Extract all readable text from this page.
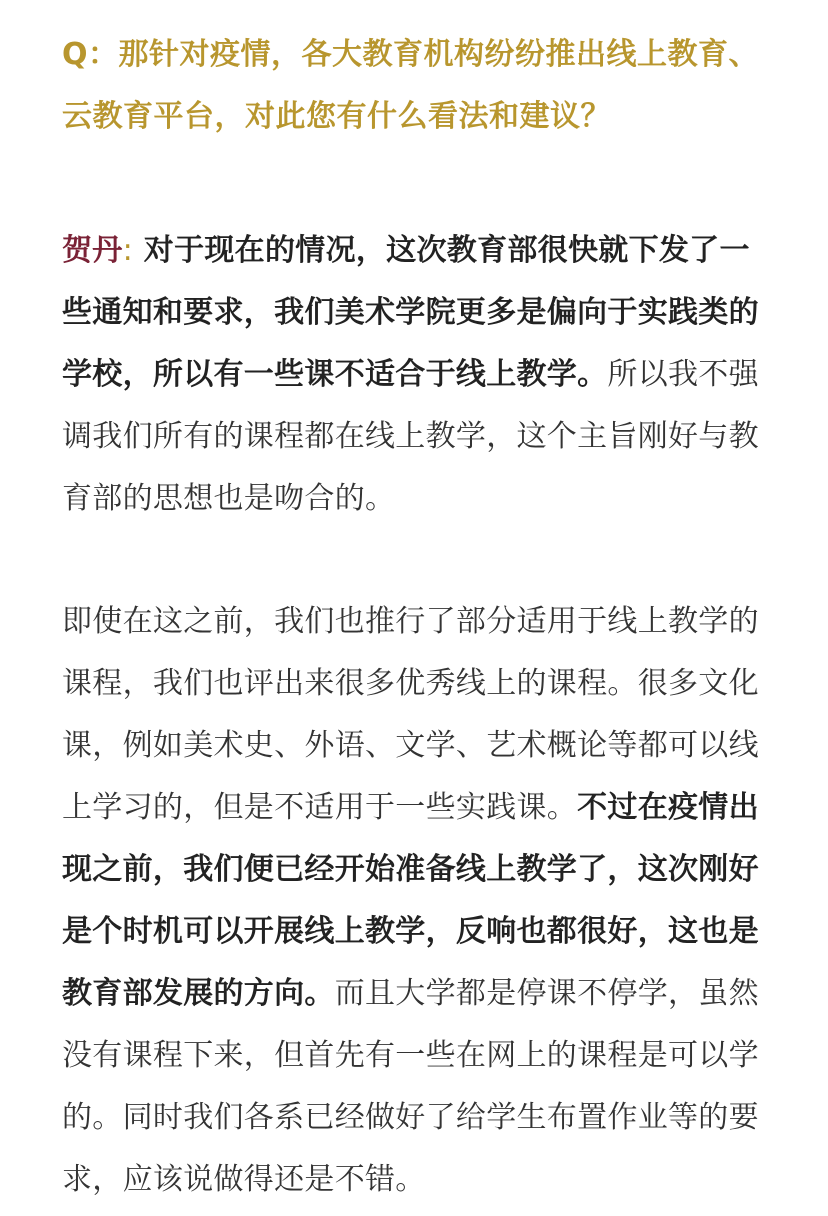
Q：那针对疫情，各大教育机构纷纷推出线上教育、云教育平台，对此您有什么看法和建议？

贺丹: 对于现在的情况，这次教育部很快就下发了一些通知和要求，我们美术学院更多是偏向于实践类的学校，所以有一些课不适合于线上教学。所以我不强调我们所有的课程都在线上教学，这个主旨刚好与教育部的思想也是吻合的。

即使在这之前，我们也推行了部分适用于线上教学的课程，我们也评出来很多优秀线上的课程。很多文化课，例如美术史、外语、文学、艺术概论等都可以线上学习的，但是不适用于一些实践课。不过在疫情出现之前，我们便已经开始准备线上教学了，这次刚好是个时机可以开展线上教学，反响也都很好，这也是教育部发展的方向。而且大学都是停课不停学，虽然没有课程下来，但首先有一些在网上的课程是可以学的。同时我们各系已经做好了给学生布置作业等的要求，应该说做得还是不错。
